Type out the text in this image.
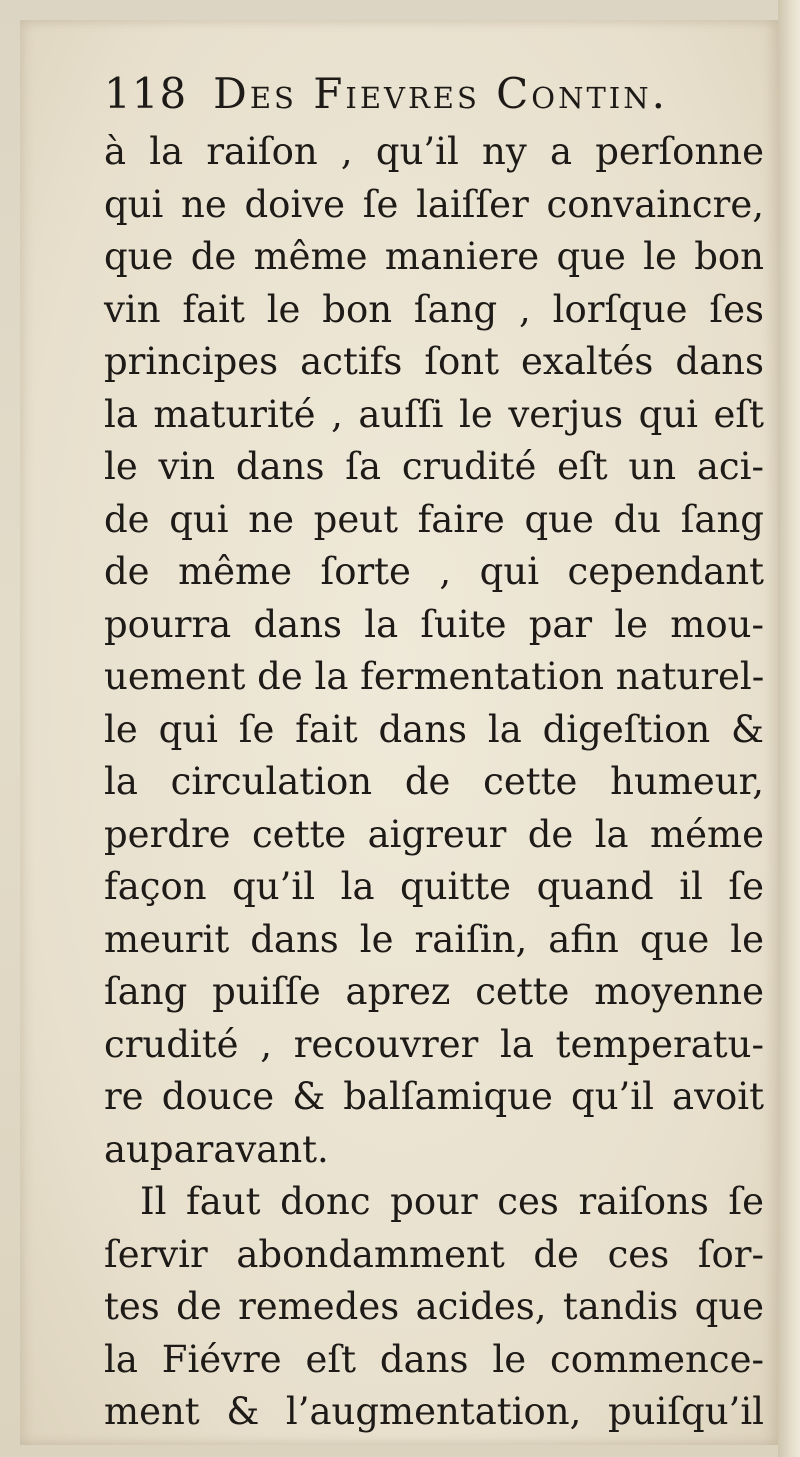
118 Des Fievres Contin.
à la raiſon , qu’il ny a perſonne
qui ne doive ſe laiſſer convaincre,
que de même maniere que le bon
vin fait le bon ſang , lorſque ſes
principes actifs ſont exaltés dans
la maturité , auſſi le verjus qui eſt
le vin dans ſa crudité eſt un aci-
de qui ne peut faire que du ſang
de même ſorte , qui cependant
pourra dans la ſuite par le mou-
uement de la fermentation naturel-
le qui ſe fait dans la digeſtion &
la circulation de cette humeur,
perdre cette aigreur de la méme
façon qu’il la quitte quand il ſe
meurit dans le raiſin, afin que le
ſang puiſſe aprez cette moyenne
crudité , recouvrer la temperatu-
re douce & balſamique qu’il avoit
auparavant.
Il faut donc pour ces raiſons ſe
ſervir abondamment de ces ſor-
tes de remedes acides, tandis que
la Fiévre eſt dans le commence-
ment & l’augmentation, puiſqu’il
